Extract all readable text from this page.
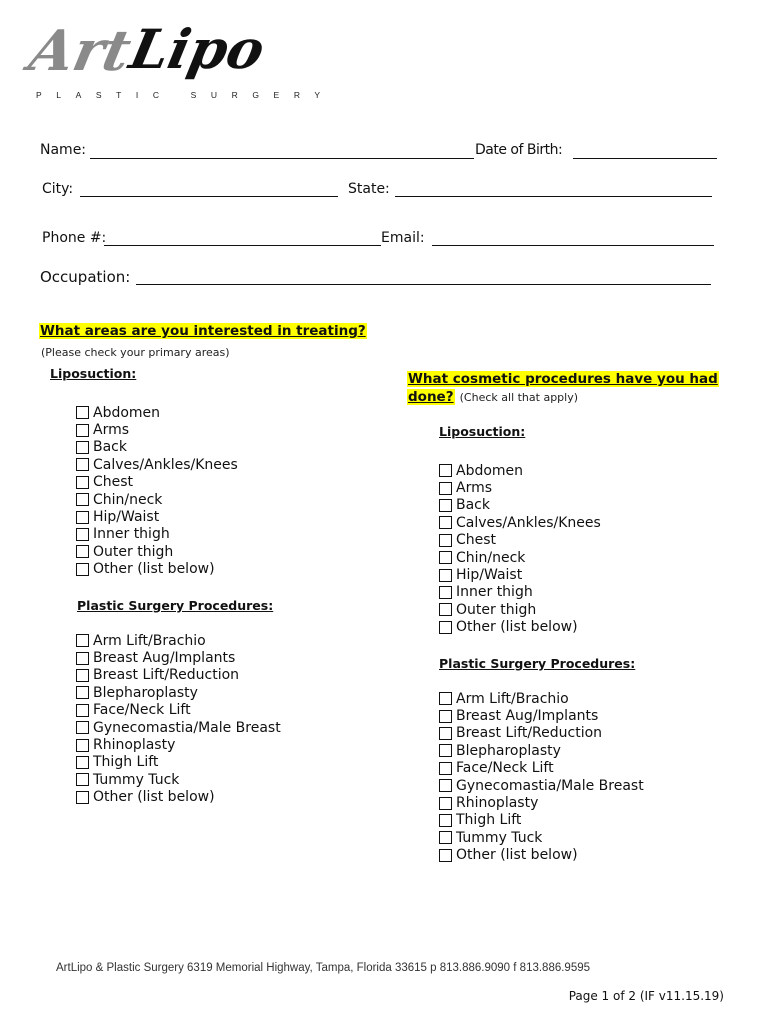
Art
Lipo
PLASTIC SURGERY
Name:	Date of Birth:
City:	State:
Phone #:	Email:
Occupation:
What areas are you interested in treating?
(Please check your primary areas)
Liposuction:
Abdomen
Arms
Back
Calves/Ankles/Knees
Chest
Chin/neck
Hip/Waist
Inner thigh
Outer thigh
Other (list below)
Plastic Surgery Procedures:
Arm Lift/Brachio
Breast Aug/Implants
Breast Lift/Reduction
Blepharoplasty
Face/Neck Lift
Gynecomastia/Male Breast
Rhinoplasty
Thigh Lift
Tummy Tuck
Other (list below)
What cosmetic procedures have you had
done? (Check all that apply)
Liposuction:
Abdomen
Arms
Back
Calves/Ankles/Knees
Chest
Chin/neck
Hip/Waist
Inner thigh
Outer thigh
Other (list below)
Plastic Surgery Procedures:
Arm Lift/Brachio
Breast Aug/Implants
Breast Lift/Reduction
Blepharoplasty
Face/Neck Lift
Gynecomastia/Male Breast
Rhinoplasty
Thigh Lift
Tummy Tuck
Other (list below)
ArtLipo & Plastic Surgery 6319 Memorial Highway, Tampa, Florida 33615 p 813.886.9090 f 813.886.9595
Page 1 of 2 (IF v11.15.19)
